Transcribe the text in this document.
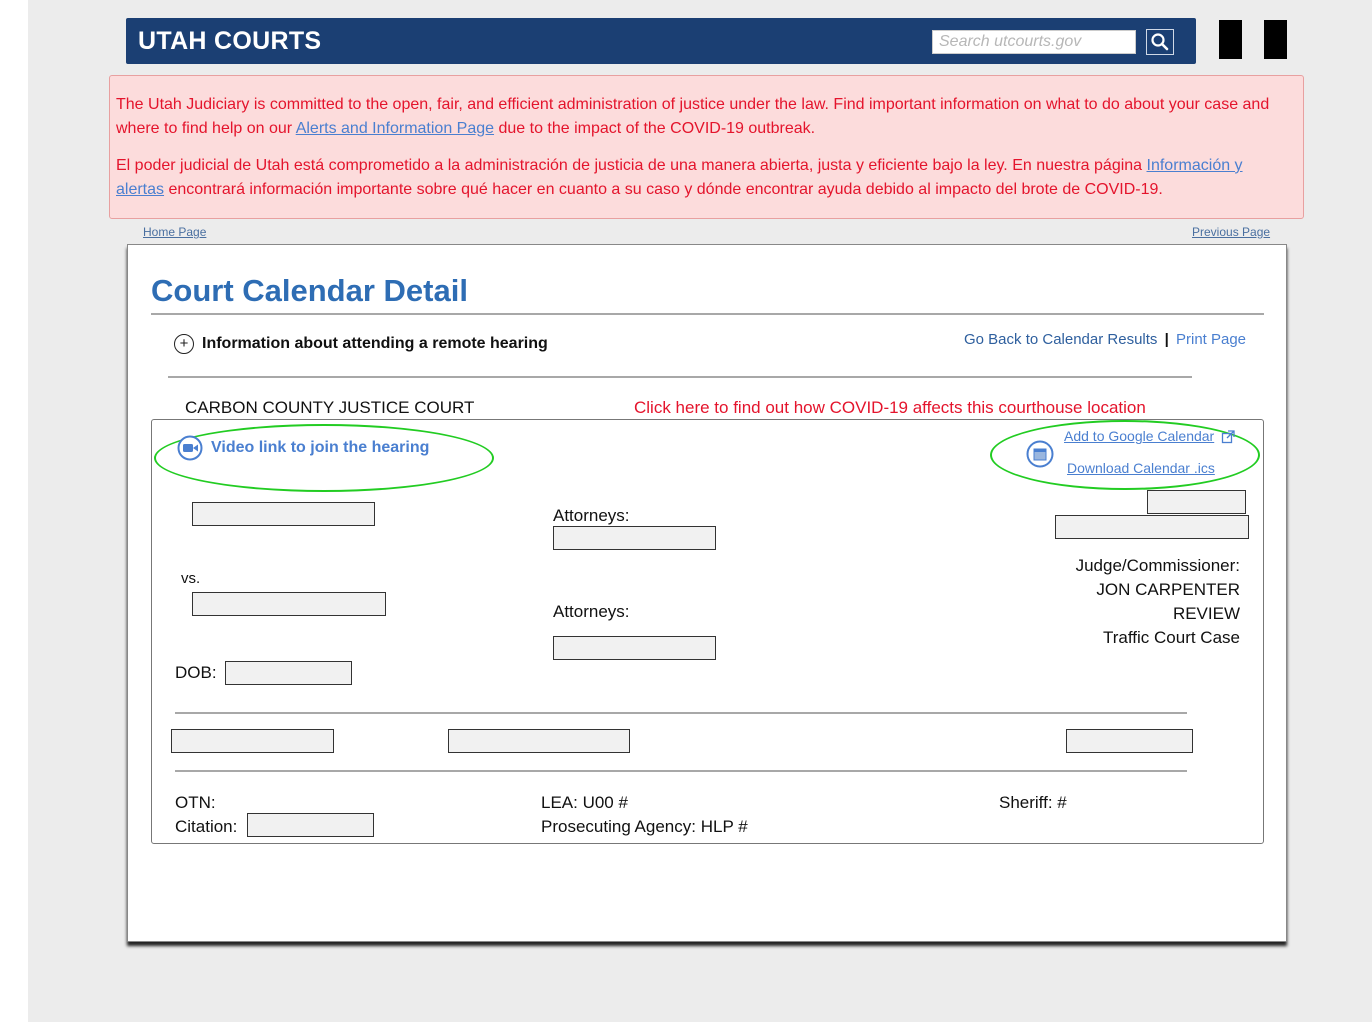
UTAH COURTS
Search utcourts.gov

The Utah Judiciary is committed to the open, fair, and efficient administration of justice under the law. Find important information on what to do about your case and where to find help on our Alerts and Information Page due to the impact of the COVID-19 outbreak.

El poder judicial de Utah está comprometido a la administración de justicia de una manera abierta, justa y eficiente bajo la ley. En nuestra página Información y alertas encontrará información importante sobre qué hacer en cuanto a su caso y dónde encontrar ayuda debido al impacto del brote de COVID-19.

Home Page	Previous Page
Court Calendar Detail
+ Information about attending a remote hearing	Go Back to Calendar Results | Print Page
CARBON COUNTY JUSTICE COURT	Click here to find out how COVID-19 affects this courthouse location
Video link to join the hearing
Add to Google Calendar
Download Calendar .ics
Attorneys:
vs.
Attorneys:
Judge/Commissioner:
JON CARPENTER
REVIEW
Traffic Court Case
DOB:
OTN:
Citation:
LEA: U00 #
Prosecuting Agency: HLP #
Sheriff: #
